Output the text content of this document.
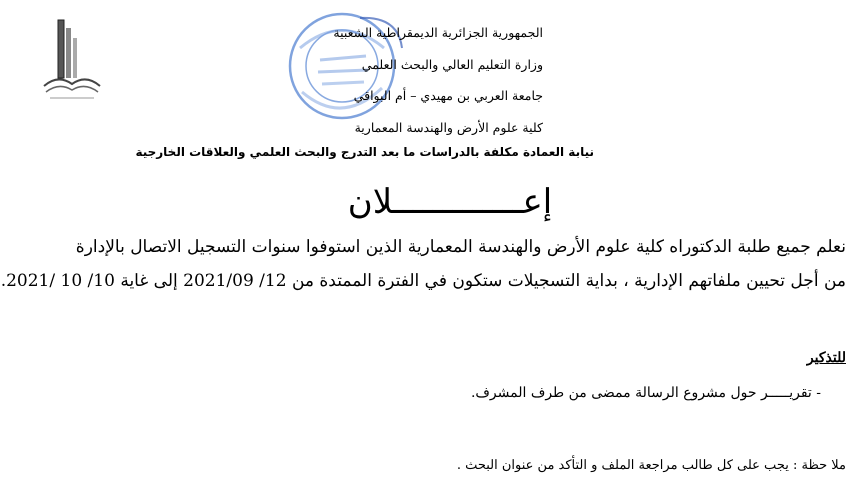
الجمهورية الجزائرية الديمقراطية الشعبية
وزارة التعليم العالي والبحث العلمي
جامعة العربي بن مهيدي – أم البواقي
كلية علوم الأرض والهندسة المعمارية
نيابة العمادة مكلفة بالدراسات ما بعد التدرج والبحث العلمي والعلاقات الخارجية
إعـــــــــــــلان
نعلم جميع طلبة الدكتوراه كلية علوم الأرض والهندسة المعمارية الذين استوفوا سنوات التسجيل الاتصال بالإدارة
من أجل تحيين ملفاتهم الإدارية ، بداية التسجيلات ستكون في الفترة الممتدة من 12/ 2021/09 إلى غاية 10/ 10 /2021.
للتذكير
- تقريـــــر حول مشروع الرسالة ممضى من طرف المشرف.
ملا حظة : يجب على كل طالب مراجعة الملف و التأكد من عنوان البحث .
